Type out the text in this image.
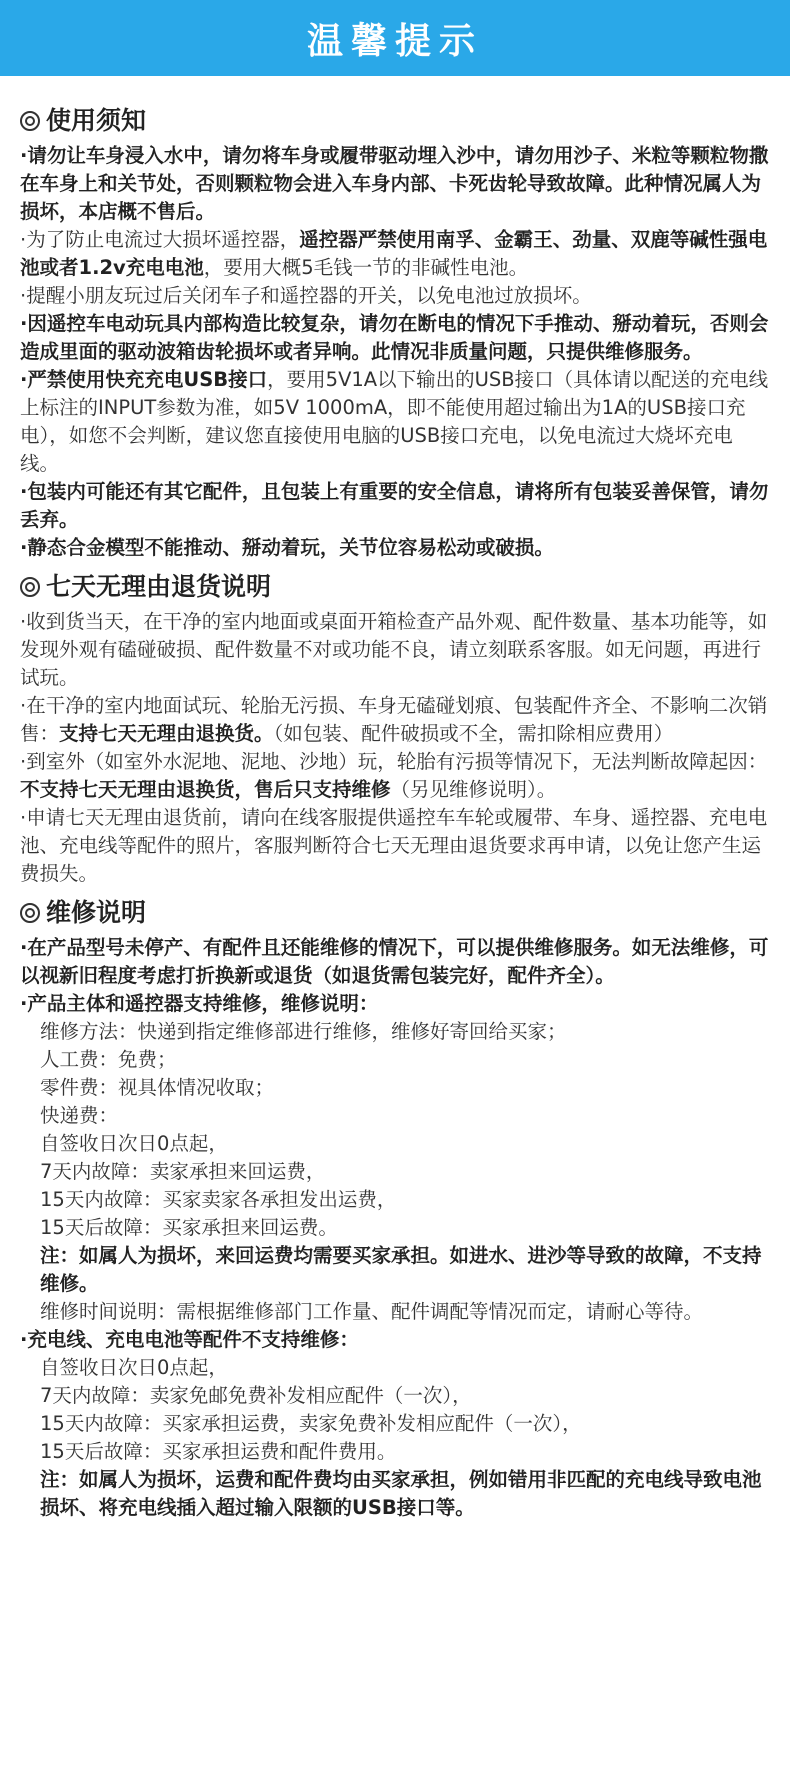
温馨提示
使用须知

·请勿让车身浸入水中，请勿将车身或履带驱动埋入沙中，请勿用沙子、米粒等颗粒物撒在车身上和关节处，否则颗粒物会进入车身内部、卡死齿轮导致故障。此种情况属人为损坏，本店概不售后。

·为了防止电流过大损坏遥控器，遥控器严禁使用南孚、金霸王、劲量、双鹿等碱性强电池或者1.2v充电电池，要用大概5毛钱一节的非碱性电池。

·提醒小朋友玩过后关闭车子和遥控器的开关，以免电池过放损坏。

·因遥控车电动玩具内部构造比较复杂，请勿在断电的情况下手推动、掰动着玩，否则会造成里面的驱动波箱齿轮损坏或者异响。此情况非质量问题，只提供维修服务。

·严禁使用快充充电USB接口，要用5V1A以下输出的USB接口（具体请以配送的充电线上标注的INPUT参数为准，如5V 1000mA，即不能使用超过输出为1A的USB接口充电），如您不会判断，建议您直接使用电脑的USB接口充电，以免电流过大烧坏充电线。

·包装内可能还有其它配件，且包装上有重要的安全信息，请将所有包装妥善保管，请勿丢弃。

·静态合金模型不能推动、掰动着玩，关节位容易松动或破损。

七天无理由退货说明

·收到货当天，在干净的室内地面或桌面开箱检查产品外观、配件数量、基本功能等，如发现外观有磕碰破损、配件数量不对或功能不良，请立刻联系客服。如无问题，再进行试玩。

·在干净的室内地面试玩、轮胎无污损、车身无磕碰划痕、包装配件齐全、不影响二次销售：支持七天无理由退换货。（如包装、配件破损或不全，需扣除相应费用）

·到室外（如室外水泥地、泥地、沙地）玩，轮胎有污损等情况下，无法判断故障起因：不支持七天无理由退换货，售后只支持维修（另见维修说明）。

·申请七天无理由退货前，请向在线客服提供遥控车车轮或履带、车身、遥控器、充电电池、充电线等配件的照片，客服判断符合七天无理由退货要求再申请，以免让您产生运费损失。

维修说明

·在产品型号未停产、有配件且还能维修的情况下，可以提供维修服务。如无法维修，可以视新旧程度考虑打折换新或退货（如退货需包装完好，配件齐全）。

·产品主体和遥控器支持维修，维修说明：

维修方法：快递到指定维修部进行维修，维修好寄回给买家；

人工费：免费；

零件费：视具体情况收取；

快递费：

自签收日次日0点起，

7天内故障：卖家承担来回运费，

15天内故障：买家卖家各承担发出运费，

15天后故障：买家承担来回运费。

注：如属人为损坏，来回运费均需要买家承担。如进水、进沙等导致的故障，不支持维修。

维修时间说明：需根据维修部门工作量、配件调配等情况而定，请耐心等待。

·充电线、充电电池等配件不支持维修：

自签收日次日0点起，

7天内故障：卖家免邮免费补发相应配件（一次），

15天内故障：买家承担运费，卖家免费补发相应配件（一次），

15天后故障：买家承担运费和配件费用。

注：如属人为损坏，运费和配件费均由买家承担，例如错用非匹配的充电线导致电池损坏、将充电线插入超过输入限额的USB接口等。
